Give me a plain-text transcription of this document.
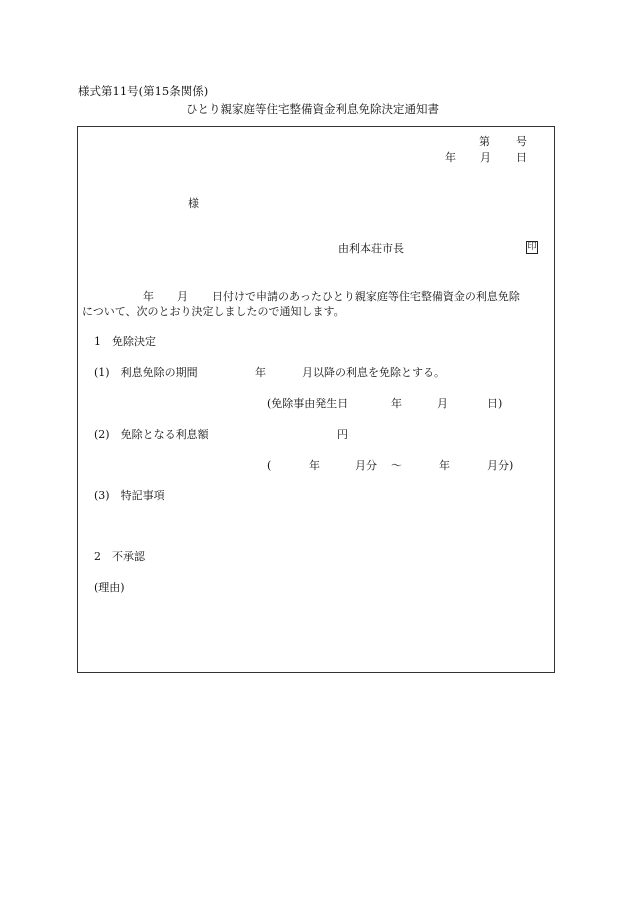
様式第11号(第15条関係)
ひとり親家庭等住宅整備資金利息免除決定通知書
第 号
年 月 日
様
由利本荘市長	印
年 月 日付けで申請のあったひとり親家庭等住宅整備資金の利息免除
について、次のとおり決定しましたので通知します。
1　免除決定
(1)　利息免除の期間	年	月以降の利息を免除とする。
(免除事由発生日	年	月	日)
(2)　免除となる利息額	円
(	年	月分 ～	年	月分)
(3)　特記事項
2　不承認
(理由)
